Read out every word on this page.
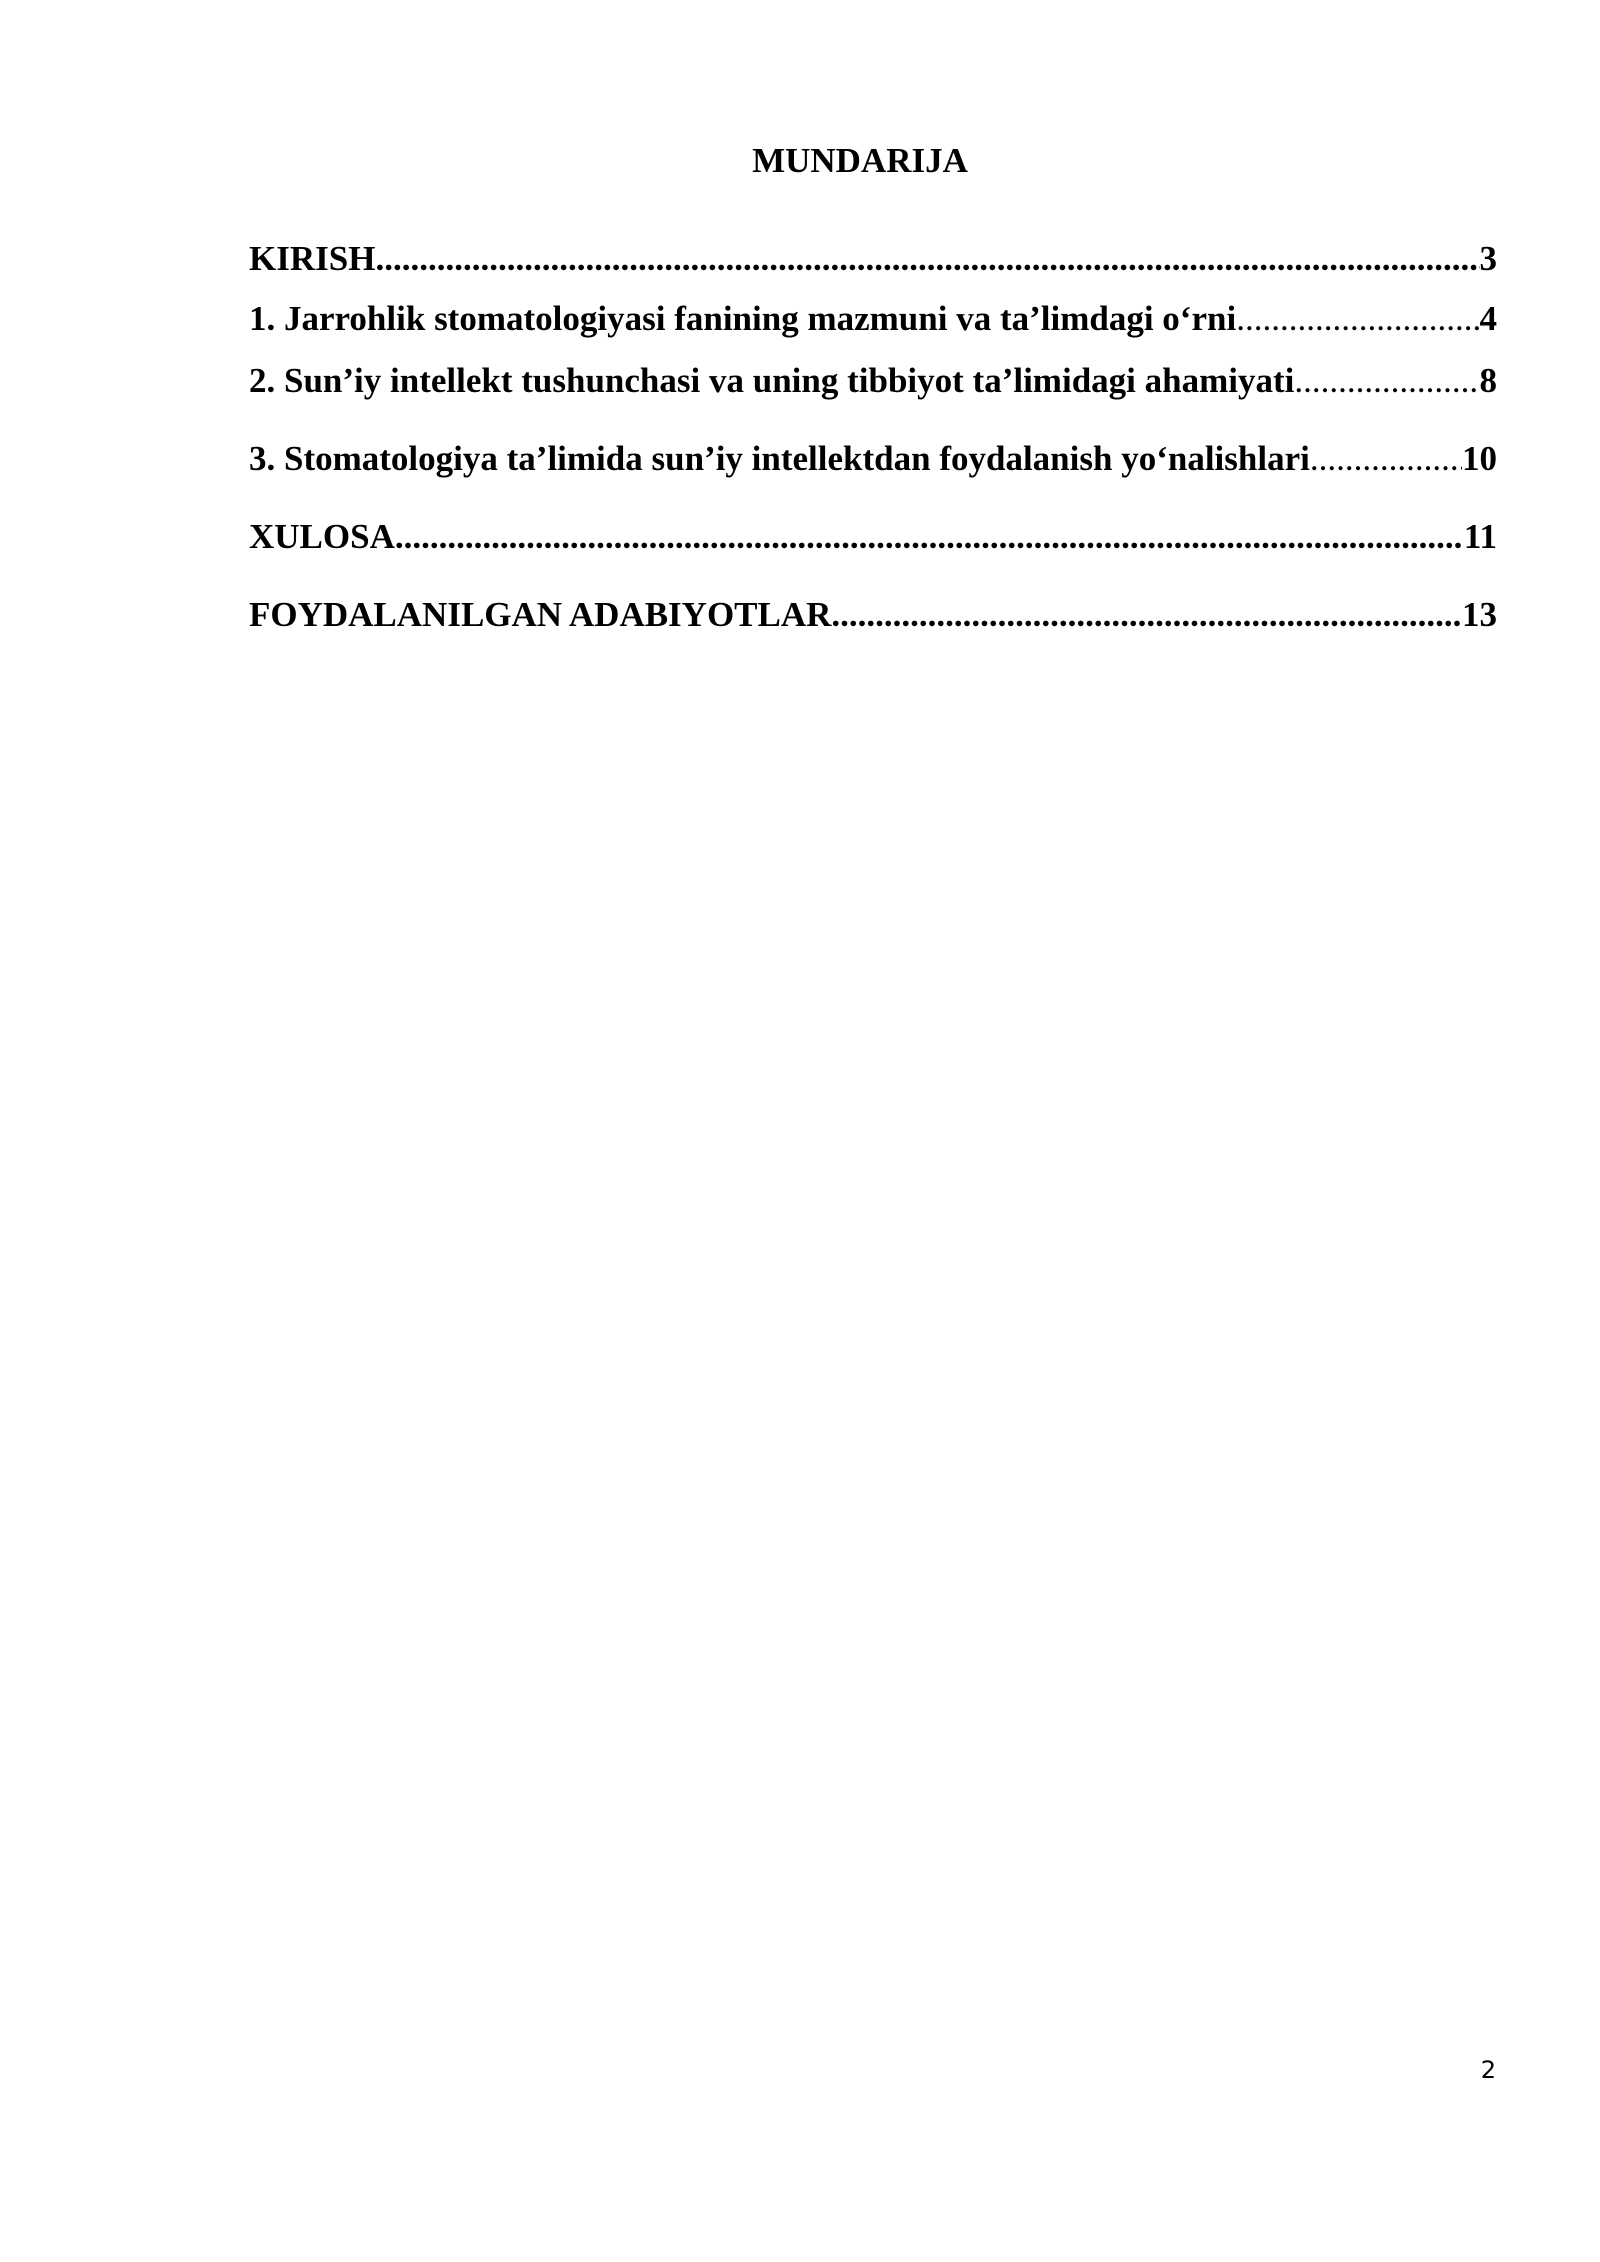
MUNDARIJA
KIRISH .....	3
1. Jarrohlik stomatologiyasi fanining mazmuni va ta’limdagi o‘rni .....	4
2. Sun’iy intellekt tushunchasi va uning tibbiyot ta’limidagi ahamiyati .....	8
3. Stomatologiya ta’limida sun’iy intellektdan foydalanish yo‘nalishlari .....	10
XULOSA .....	11
FOYDALANILGAN ADABIYOTLAR .....	13
2
